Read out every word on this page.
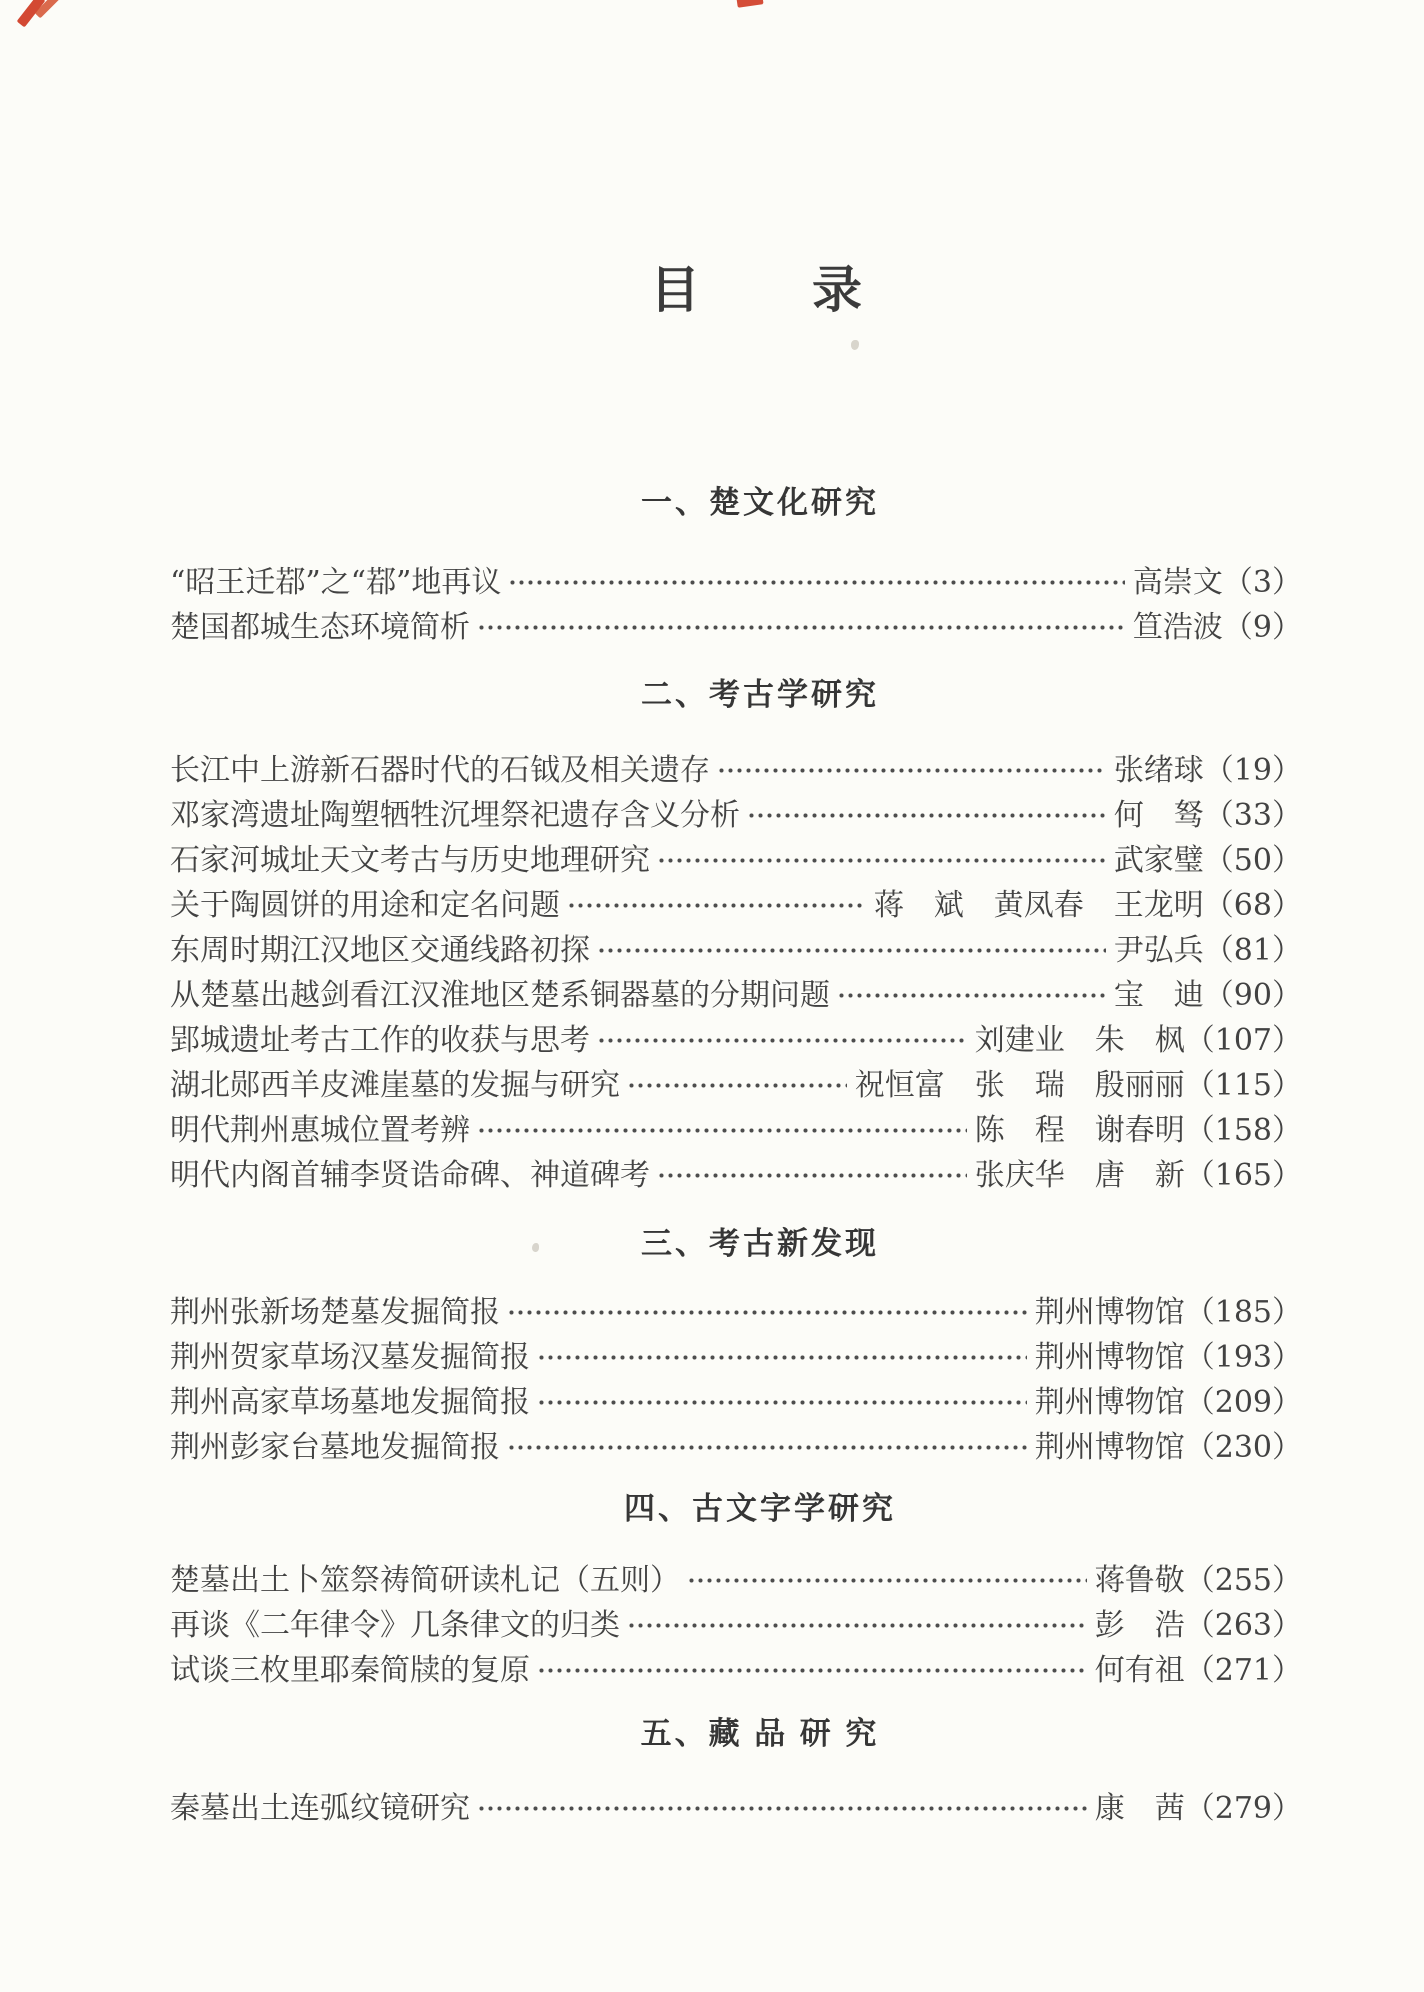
目　　录
一、楚文化研究
“昭王迁鄀”之“鄀”地再议	高崇文（3）
楚国都城生态环境简析	笪浩波（9）
二、考古学研究
长江中上游新石器时代的石钺及相关遗存	张绪球（19）
邓家湾遗址陶塑牺牲沉埋祭祀遗存含义分析	何　驽（33）
石家河城址天文考古与历史地理研究	武家璧（50）
关于陶圆饼的用途和定名问题	蒋　斌　黄凤春　王龙明（68）
东周时期江汉地区交通线路初探	尹弘兵（81）
从楚墓出越剑看江汉淮地区楚系铜器墓的分期问题	宝　迪（90）
郢城遗址考古工作的收获与思考	刘建业　朱　枫（107）
湖北郧西羊皮滩崖墓的发掘与研究	祝恒富　张　瑞　殷丽丽（115）
明代荆州惠城位置考辨	陈　程　谢春明（158）
明代内阁首辅李贤诰命碑、神道碑考	张庆华　唐　新（165）
三、考古新发现
荆州张新场楚墓发掘简报	荆州博物馆（185）
荆州贺家草场汉墓发掘简报	荆州博物馆（193）
荆州高家草场墓地发掘简报	荆州博物馆（209）
荆州彭家台墓地发掘简报	荆州博物馆（230）
四、古文字学研究
楚墓出土卜筮祭祷简研读札记（五则）	蒋鲁敬（255）
再谈《二年律令》几条律文的归类	彭　浩（263）
试谈三枚里耶秦简牍的复原	何有祖（271）
五、藏 品 研 究
秦墓出土连弧纹镜研究	康　茜（279）
